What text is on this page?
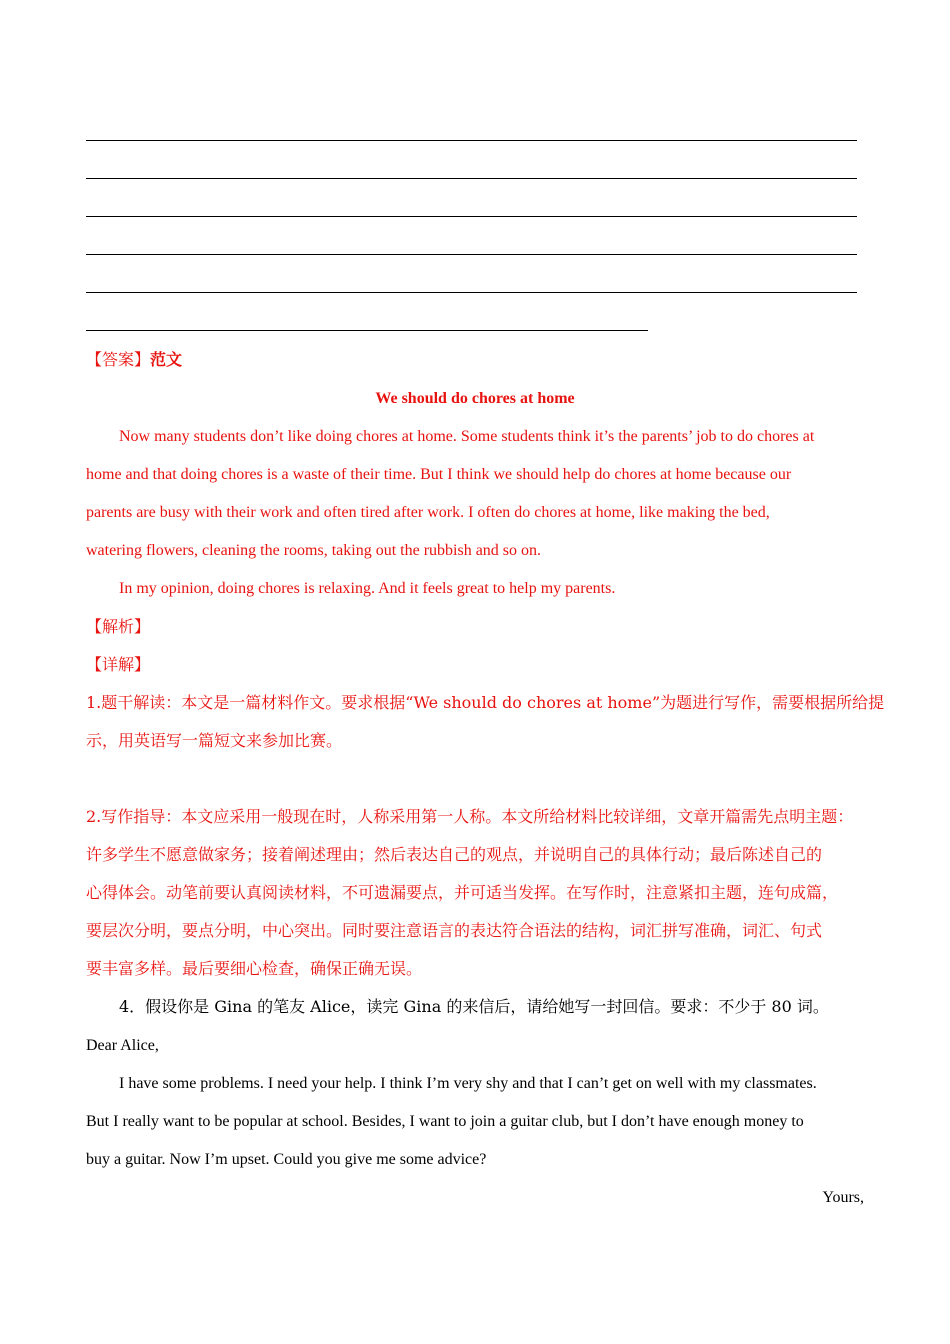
【答案】范文
We should do chores at home
Now many students don’t like doing chores at home. Some students think it’s the parents’ job to do chores at
home and that doing chores is a waste of their time. But I think we should help do chores at home because our
parents are busy with their work and often tired after work. I often do chores at home, like making the bed,
watering flowers, cleaning the rooms, taking out the rubbish and so on.
In my opinion, doing chores is relaxing. And it feels great to help my parents.
【解析】
【详解】
1.题干解读：本文是一篇材料作文。要求根据“We should do chores at home”为题进行写作，需要根据所给提
示，用英语写一篇短文来参加比赛。
2.写作指导：本文应采用一般现在时，人称采用第一人称。本文所给材料比较详细，文章开篇需先点明主题：
许多学生不愿意做家务；接着阐述理由；然后表达自己的观点，并说明自己的具体行动；最后陈述自己的
心得体会。动笔前要认真阅读材料，不可遗漏要点，并可适当发挥。在写作时，注意紧扣主题，连句成篇，
要层次分明，要点分明，中心突出。同时要注意语言的表达符合语法的结构，词汇拼写准确，词汇、句式
要丰富多样。最后要细心检查，确保正确无误。
4．假设你是 Gina 的笔友 Alice，读完 Gina 的来信后，请给她写一封回信。要求：不少于 80 词。
Dear Alice,
I have some problems. I need your help. I think I’m very shy and that I can’t get on well with my classmates.
But I really want to be popular at school. Besides, I want to join a guitar club, but I don’t have enough money to
buy a guitar. Now I’m upset. Could you give me some advice?
Yours,
